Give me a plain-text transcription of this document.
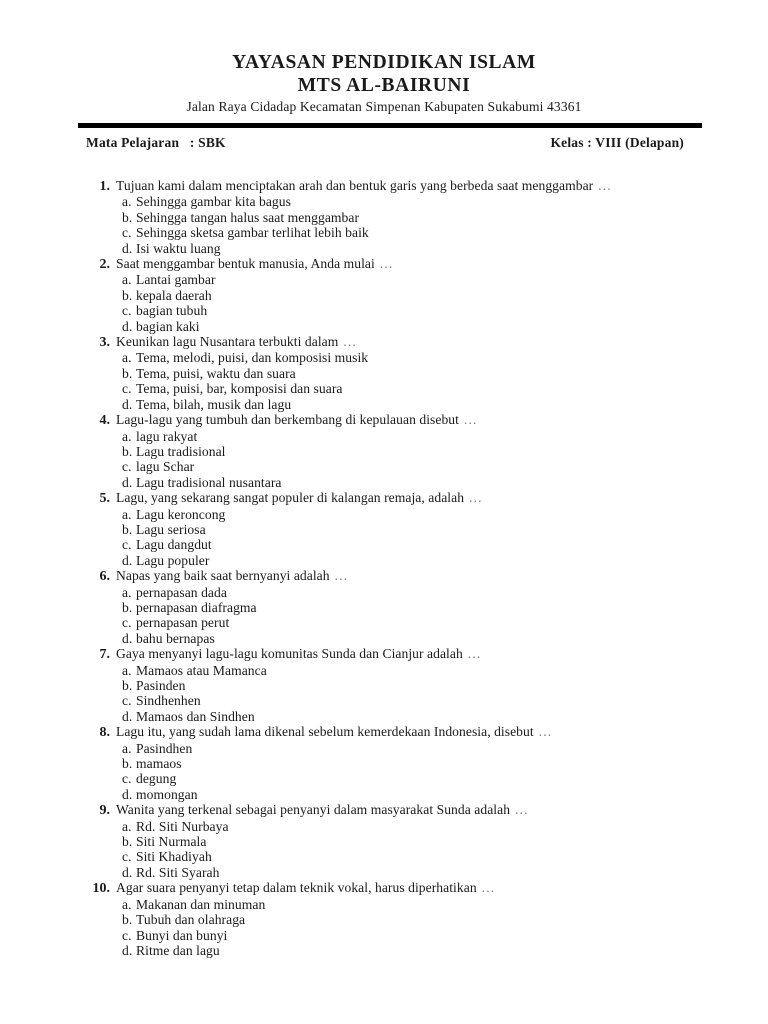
YAYASAN PENDIDIKAN ISLAM
MTS AL-BAIRUNI
Jalan Raya Cidadap Kecamatan Simpenan Kabupaten Sukabumi 43361
Mata Pelajaran   : SBK	Kelas : VIII (Delapan)
1. Tujuan kami dalam menciptakan arah dan bentuk garis yang berbeda saat menggambar …
a. Sehingga gambar kita bagus
b. Sehingga tangan halus saat menggambar
c. Sehingga sketsa gambar terlihat lebih baik
d. Isi waktu luang
2. Saat menggambar bentuk manusia, Anda mulai …
a. Lantai gambar
b. kepala daerah
c. bagian tubuh
d. bagian kaki
3. Keunikan lagu Nusantara terbukti dalam …
a. Tema, melodi, puisi, dan komposisi musik
b. Tema, puisi, waktu dan suara
c. Tema, puisi, bar, komposisi dan suara
d. Tema, bilah, musik dan lagu
4. Lagu-lagu yang tumbuh dan berkembang di kepulauan disebut …
a. lagu rakyat
b. Lagu tradisional
c. lagu Schar
d. Lagu tradisional nusantara
5. Lagu, yang sekarang sangat populer di kalangan remaja, adalah …
a. Lagu keroncong
b. Lagu seriosa
c. Lagu dangdut
d. Lagu populer
6. Napas yang baik saat bernyanyi adalah …
a. pernapasan dada
b. pernapasan diafragma
c. pernapasan perut
d. bahu bernapas
7. Gaya menyanyi lagu-lagu komunitas Sunda dan Cianjur adalah …
a. Mamaos atau Mamanca
b. Pasinden
c. Sindhenhen
d. Mamaos dan Sindhen
8. Lagu itu, yang sudah lama dikenal sebelum kemerdekaan Indonesia, disebut …
a. Pasindhen
b. mamaos
c. degung
d. momongan
9. Wanita yang terkenal sebagai penyanyi dalam masyarakat Sunda adalah …
a. Rd. Siti Nurbaya
b. Siti Nurmala
c. Siti Khadiyah
d. Rd. Siti Syarah
10. Agar suara penyanyi tetap dalam teknik vokal, harus diperhatikan …
a. Makanan dan minuman
b. Tubuh dan olahraga
c. Bunyi dan bunyi
d. Ritme dan lagu
